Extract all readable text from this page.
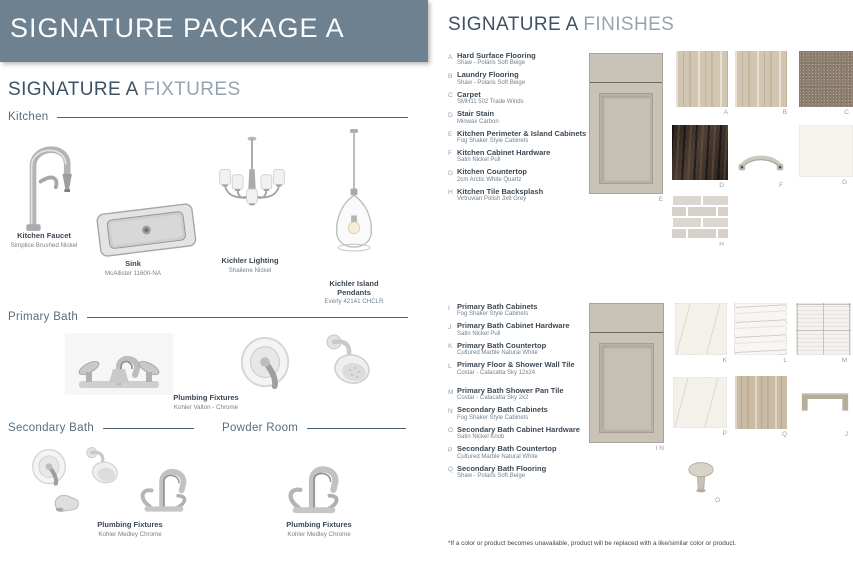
SIGNATURE PACKAGE A
SIGNATURE A FIXTURES
Kitchen
Kitchen Faucet
Simplice Brushed Nickel
Sink
McAllister 11600-NA
Kichler Lighting
Shailene Nickel
Kichler Island Pendants
Everly 42141 CHCLR
Primary Bath
Plumbing Fixtures
Kohler Valton - Chrome
Secondary Bath	Powder Room
Plumbing Fixtures
Kohler Medley Chrome
Plumbing Fixtures
Kohler Medley Chrome
SIGNATURE A FINISHES
A Hard Surface Flooring
Shaw - Polaris Soft Beige
B Laundry Flooring
Shaw - Polaris Soft Beige
C Carpet
SMH11 502 Trade Winds
D Stair Stain
Minwax Carbon
E Kitchen Perimeter & Island Cabinets
Fog Shaker Style Cabinets
F Kitchen Cabinet Hardware
Satin Nickel Pull
G Kitchen Countertop
2cm Arctic White Quartz
H Kitchen Tile Backsplash
Virtruvian Polish 3x6 Grey
I Primary Bath Cabinets
Fog Shaker Style Cabinets
J Primary Bath Cabinet Hardware
Satin Nickel Pull
K Primary Bath Countertop
Cultured Marble Natural White
L Primary Floor & Shower Wall Tile
Costar - Calacatta Sky 12x24
M Primary Bath Shower Pan Tile
Costar - Calacatta Sky 2x2
N Secondary Bath Cabinets
Fog Shaker Style Cabinets
O Secondary Bath Cabinet Hardware
Satin Nickel Knob
P Secondary Bath Countertop
Cultured Marble Natural White
Q Secondary Bath Flooring
Shaw - Polaris Soft Beige
E
A	B	C
D	F	G
H
I N
K	L	M
P	Q	J
O
*If a color or product becomes unavailable, product will be replaced with a like/similar color or product.
